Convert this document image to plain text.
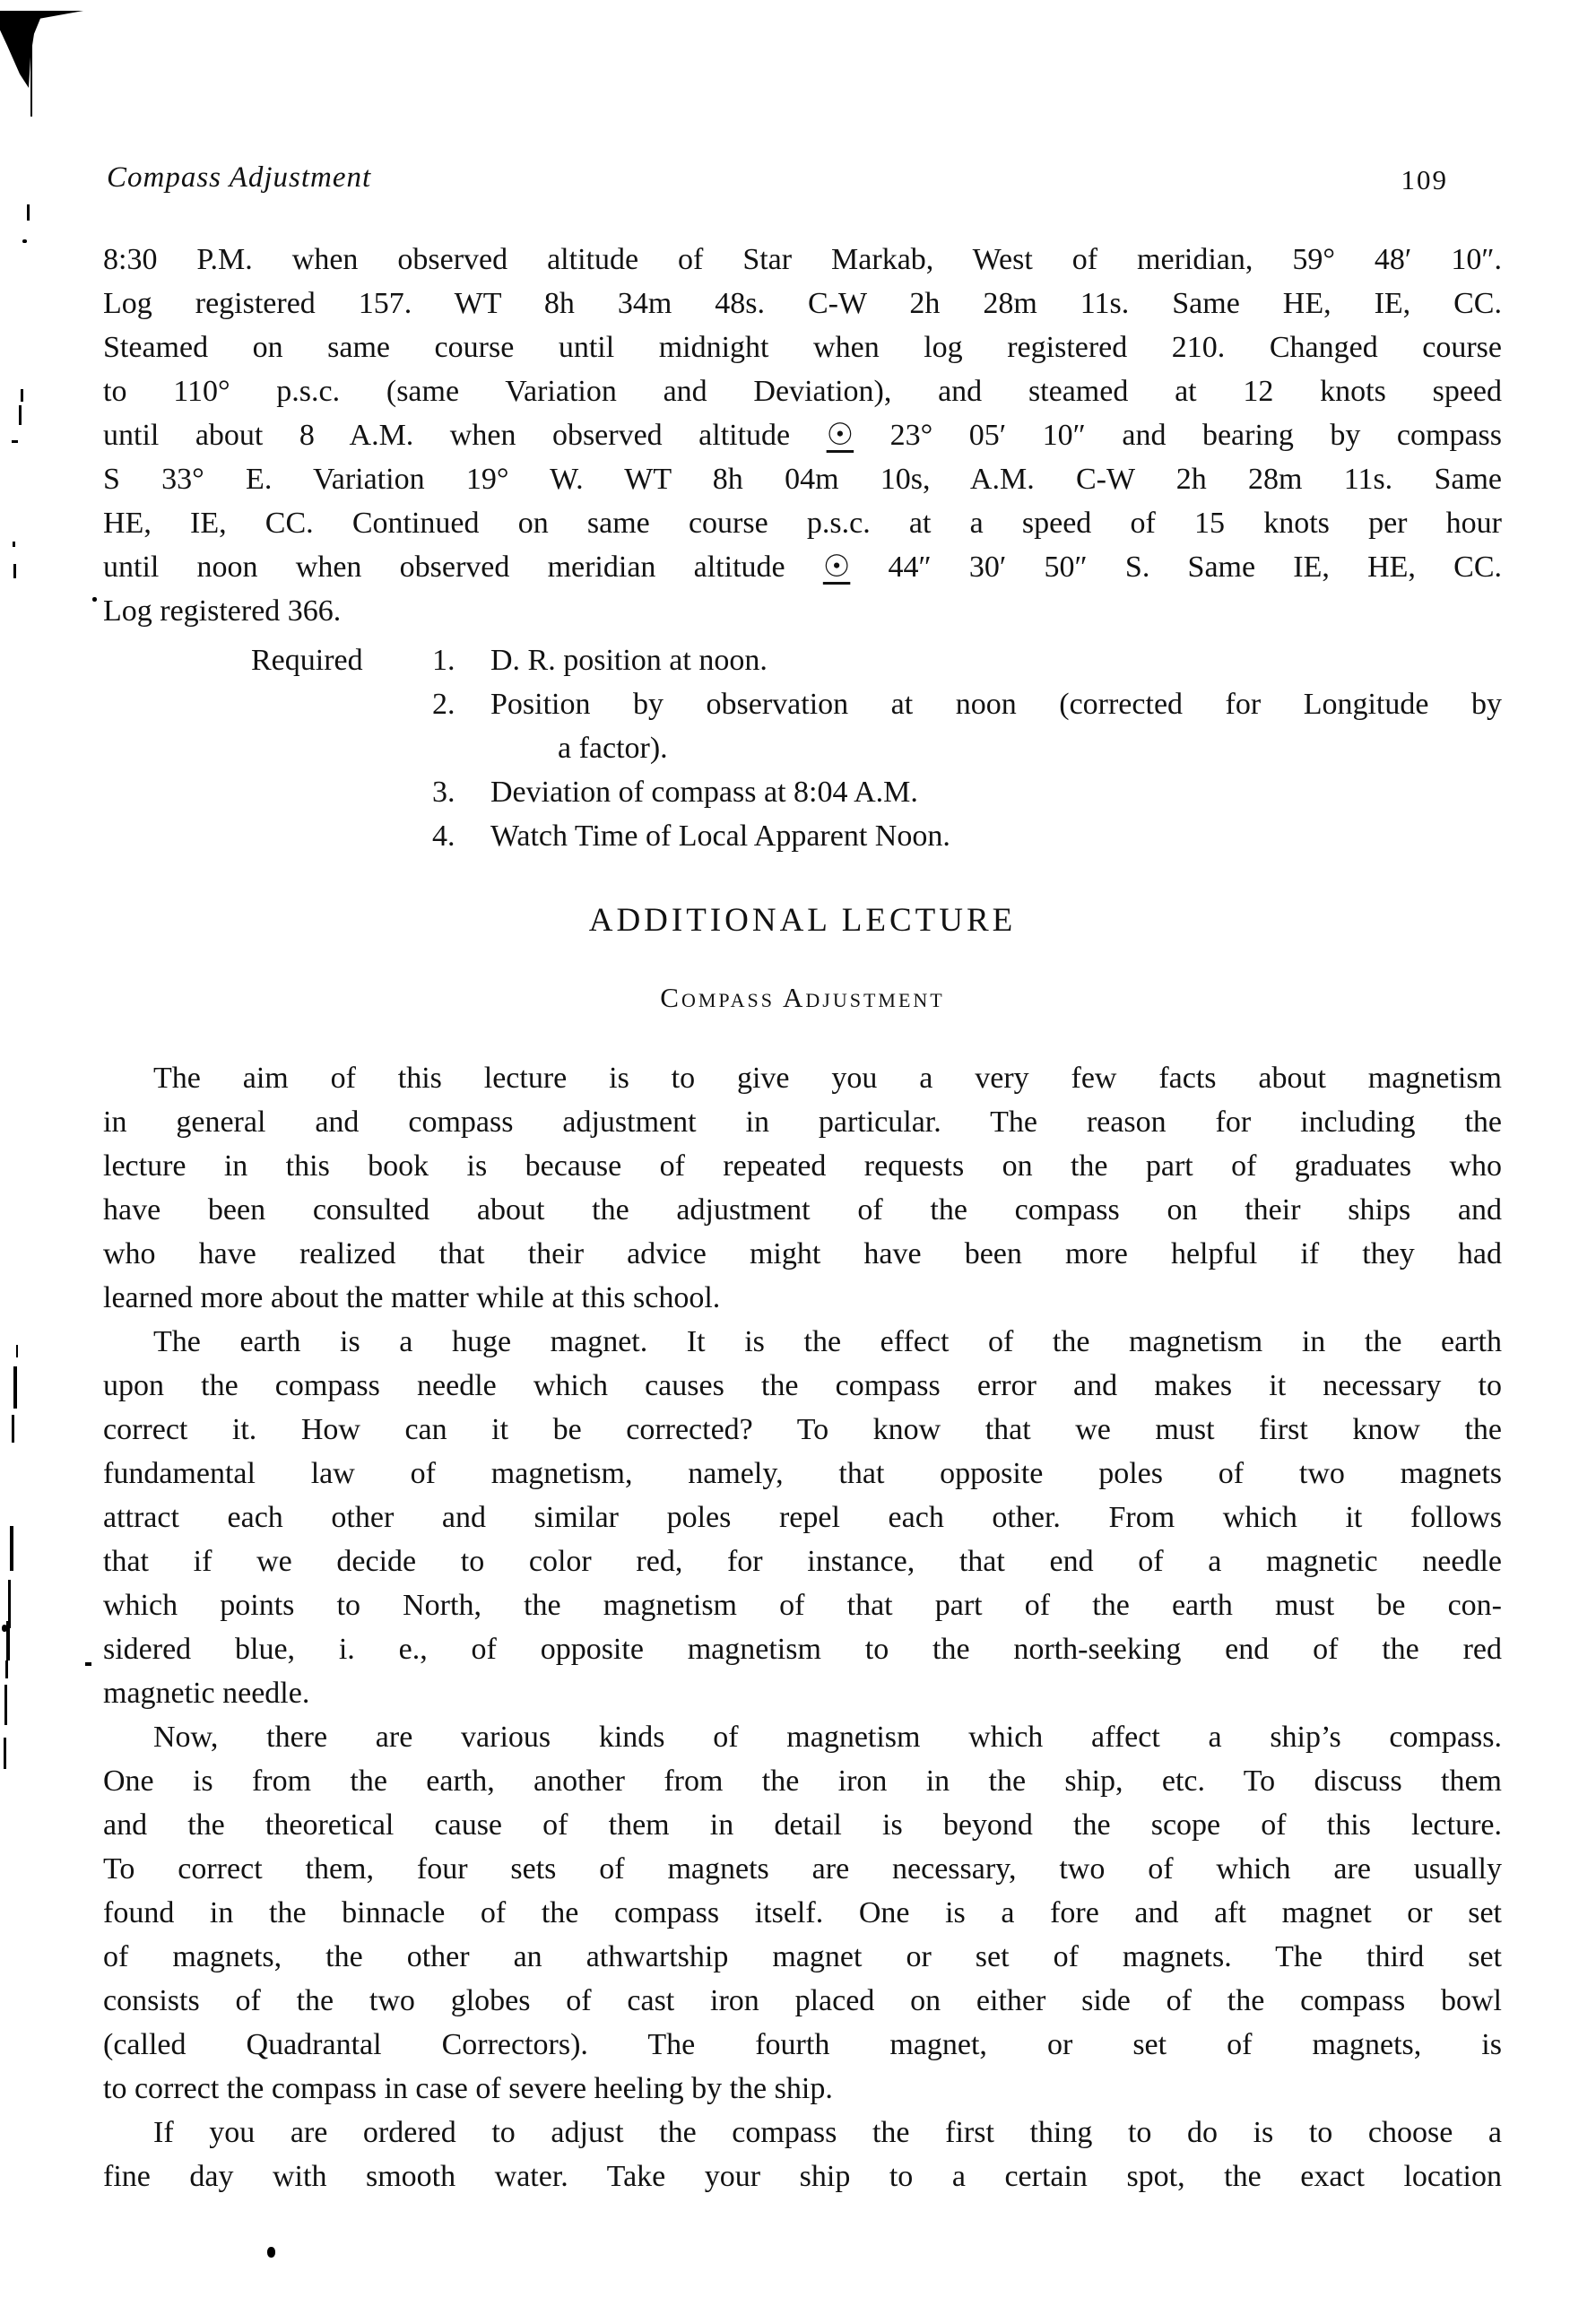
Compass Adjustment	109
8:30 P.M. when observed altitude of Star Markab, West of meridian, 59° 48′ 10″.
Log registered 157. WT 8h 34m 48s. C-W 2h 28m 11s. Same HE, IE, CC.
Steamed on same course until midnight when log registered 210. Changed course
to 110° p.s.c. (same Variation and Deviation), and steamed at 12 knots speed
until about 8 A.M. when observed altitude ☉ 23° 05′ 10″ and bearing by compass
S 33° E. Variation 19° W. WT 8h 04m 10s, A.M. C-W 2h 28m 11s. Same
HE, IE, CC. Continued on same course p.s.c. at a speed of 15 knots per hour
until noon when observed meridian altitude ☉ 44″ 30′ 50″ S. Same IE, HE, CC.
Log registered 366.
Required 1. D. R. position at noon.
2. Position by observation at noon (corrected for Longitude by
a factor).
3. Deviation of compass at 8:04 A.M.
4. Watch Time of Local Apparent Noon.
ADDITIONAL LECTURE
Compass Adjustment
The aim of this lecture is to give you a very few facts about magnetism
in general and compass adjustment in particular. The reason for including the
lecture in this book is because of repeated requests on the part of graduates who
have been consulted about the adjustment of the compass on their ships and
who have realized that their advice might have been more helpful if they had
learned more about the matter while at this school.
The earth is a huge magnet. It is the effect of the magnetism in the earth
upon the compass needle which causes the compass error and makes it necessary to
correct it. How can it be corrected? To know that we must first know the
fundamental law of magnetism, namely, that opposite poles of two magnets
attract each other and similar poles repel each other. From which it follows
that if we decide to color red, for instance, that end of a magnetic needle
which points to North, the magnetism of that part of the earth must be con-
sidered blue, i. e., of opposite magnetism to the north-seeking end of the red
magnetic needle.
Now, there are various kinds of magnetism which affect a ship’s compass.
One is from the earth, another from the iron in the ship, etc. To discuss them
and the theoretical cause of them in detail is beyond the scope of this lecture.
To correct them, four sets of magnets are necessary, two of which are usually
found in the binnacle of the compass itself. One is a fore and aft magnet or set
of magnets, the other an athwartship magnet or set of magnets. The third set
consists of the two globes of cast iron placed on either side of the compass bowl
(called Quadrantal Correctors). The fourth magnet, or set of magnets, is
to correct the compass in case of severe heeling by the ship.
If you are ordered to adjust the compass the first thing to do is to choose a
fine day with smooth water. Take your ship to a certain spot, the exact location
